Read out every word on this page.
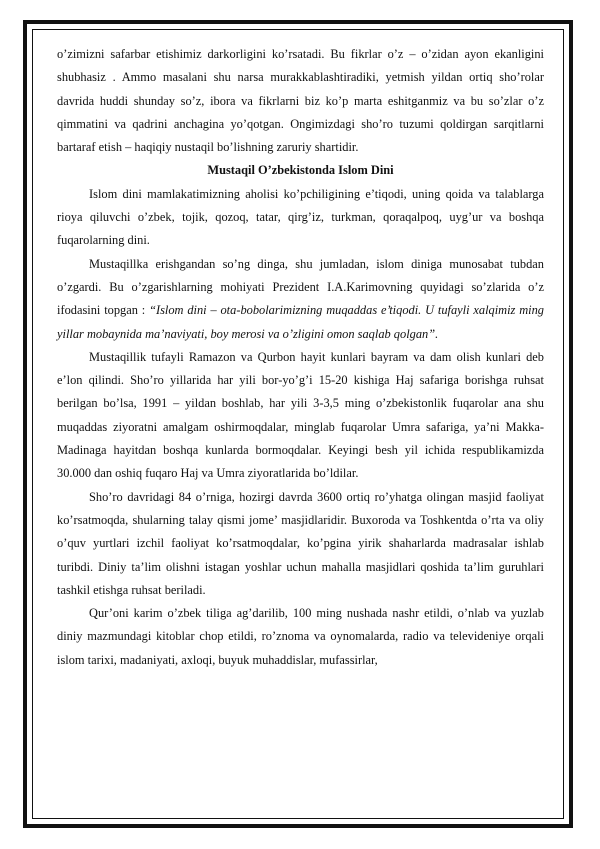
o’zimizni safarbar etishimiz darkorligini ko’rsatadi. Bu fikrlar o’z – o’zidan ayon ekanligini shubhasiz . Ammo masalani shu narsa murakkablashtiradiki, yetmish yildan ortiq sho’rolar davrida huddi shunday so’z, ibora va fikrlarni biz ko’p marta eshitganmiz va bu so’zlar o’z qimmatini va qadrini anchagina yo’qotgan. Ongimizdagi sho’ro tuzumi qoldirgan sarqitlarni bartaraf etish – haqiqiy nustaqil bo’lishning zaruriy shartidir.

Mustaqil O’zbekistonda Islom Dini

Islom dini mamlakatimizning aholisi ko’pchiligining e’tiqodi, uning qoida va talablarga rioya qiluvchi o’zbek, tojik, qozoq, tatar, qirg’iz, turkman, qoraqalpoq, uyg’ur va boshqa fuqarolarning dini.

Mustaqillka erishgandan so’ng dinga, shu jumladan, islom diniga munosabat tubdan o’zgardi. Bu o’zgarishlarning mohiyati Prezident I.A.Karimovning quyidagi so’zlarida o’z ifodasini topgan : “Islom dini – ota-bobolarimizning muqaddas e’tiqodi. U tufayli xalqimiz ming yillar mobaynida ma’naviyati, boy merosi va o’zligini omon saqlab qolgan”.

Mustaqillik tufayli Ramazon va Qurbon hayit kunlari bayram va dam olish kunlari deb e’lon qilindi. Sho’ro yillarida har yili bor-yo’g’i 15-20 kishiga Haj safariga borishga ruhsat berilgan bo’lsa, 1991 – yildan boshlab, har yili 3-3,5 ming o’zbekistonlik fuqarolar ana shu muqaddas ziyoratni amalgam oshirmoqdalar, minglab fuqarolar Umra safariga, ya’ni Makka-Madinaga hayitdan boshqa kunlarda bormoqdalar. Keyingi besh yil ichida respublikamizda 30.000 dan oshiq fuqaro Haj va Umra ziyoratlarida bo’ldilar.

Sho’ro davridagi 84 o’rniga, hozirgi davrda 3600 ortiq ro’yhatga olingan masjid faoliyat ko’rsatmoqda, shularning talay qismi jome’ masjidlaridir. Buxoroda va Toshkentda o’rta va oliy o’quv yurtlari izchil faoliyat ko’rsatmoqdalar, ko’pgina yirik shaharlarda madrasalar ishlab turibdi. Diniy ta’lim olishni istagan yoshlar uchun mahalla masjidlari qoshida ta’lim guruhlari tashkil etishga ruhsat beriladi.

Qur’oni karim o’zbek tiliga ag’darilib, 100 ming nushada nashr etildi, o’nlab va yuzlab diniy mazmundagi kitoblar chop etildi, ro’znoma va oynomalarda, radio va televideniye orqali islom tarixi, madaniyati, axloqi, buyuk muhaddislar, mufassirlar,
